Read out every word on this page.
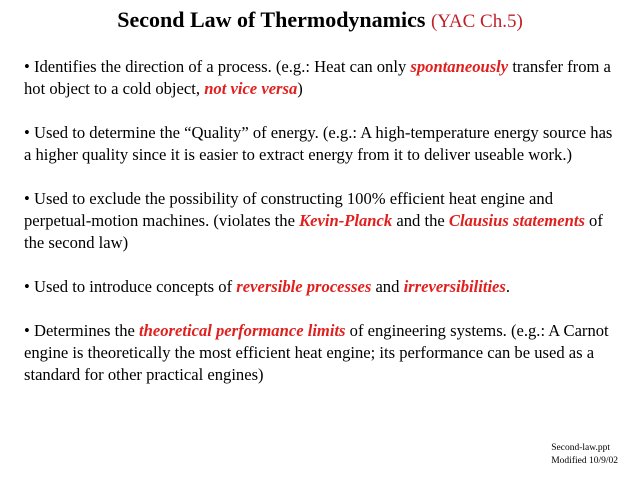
Second Law of Thermodynamics (YAC Ch.5)
• Identifies the direction of a process. (e.g.: Heat can only spontaneously transfer from a hot object to a cold object, not vice versa)
• Used to determine the “Quality” of energy. (e.g.: A high-temperature energy source has a higher quality since it is easier to extract energy from it to deliver useable work.)
• Used to exclude the possibility of constructing 100% efficient heat engine and perpetual-motion machines. (violates the Kevin-Planck and the Clausius statements of the second law)
• Used to introduce concepts of reversible processes and irreversibilities.
• Determines the theoretical performance limits of engineering systems. (e.g.: A Carnot engine is theoretically the most efficient heat engine; its performance can be used as a standard for other practical engines)
Second-law.ppt
Modified 10/9/02
